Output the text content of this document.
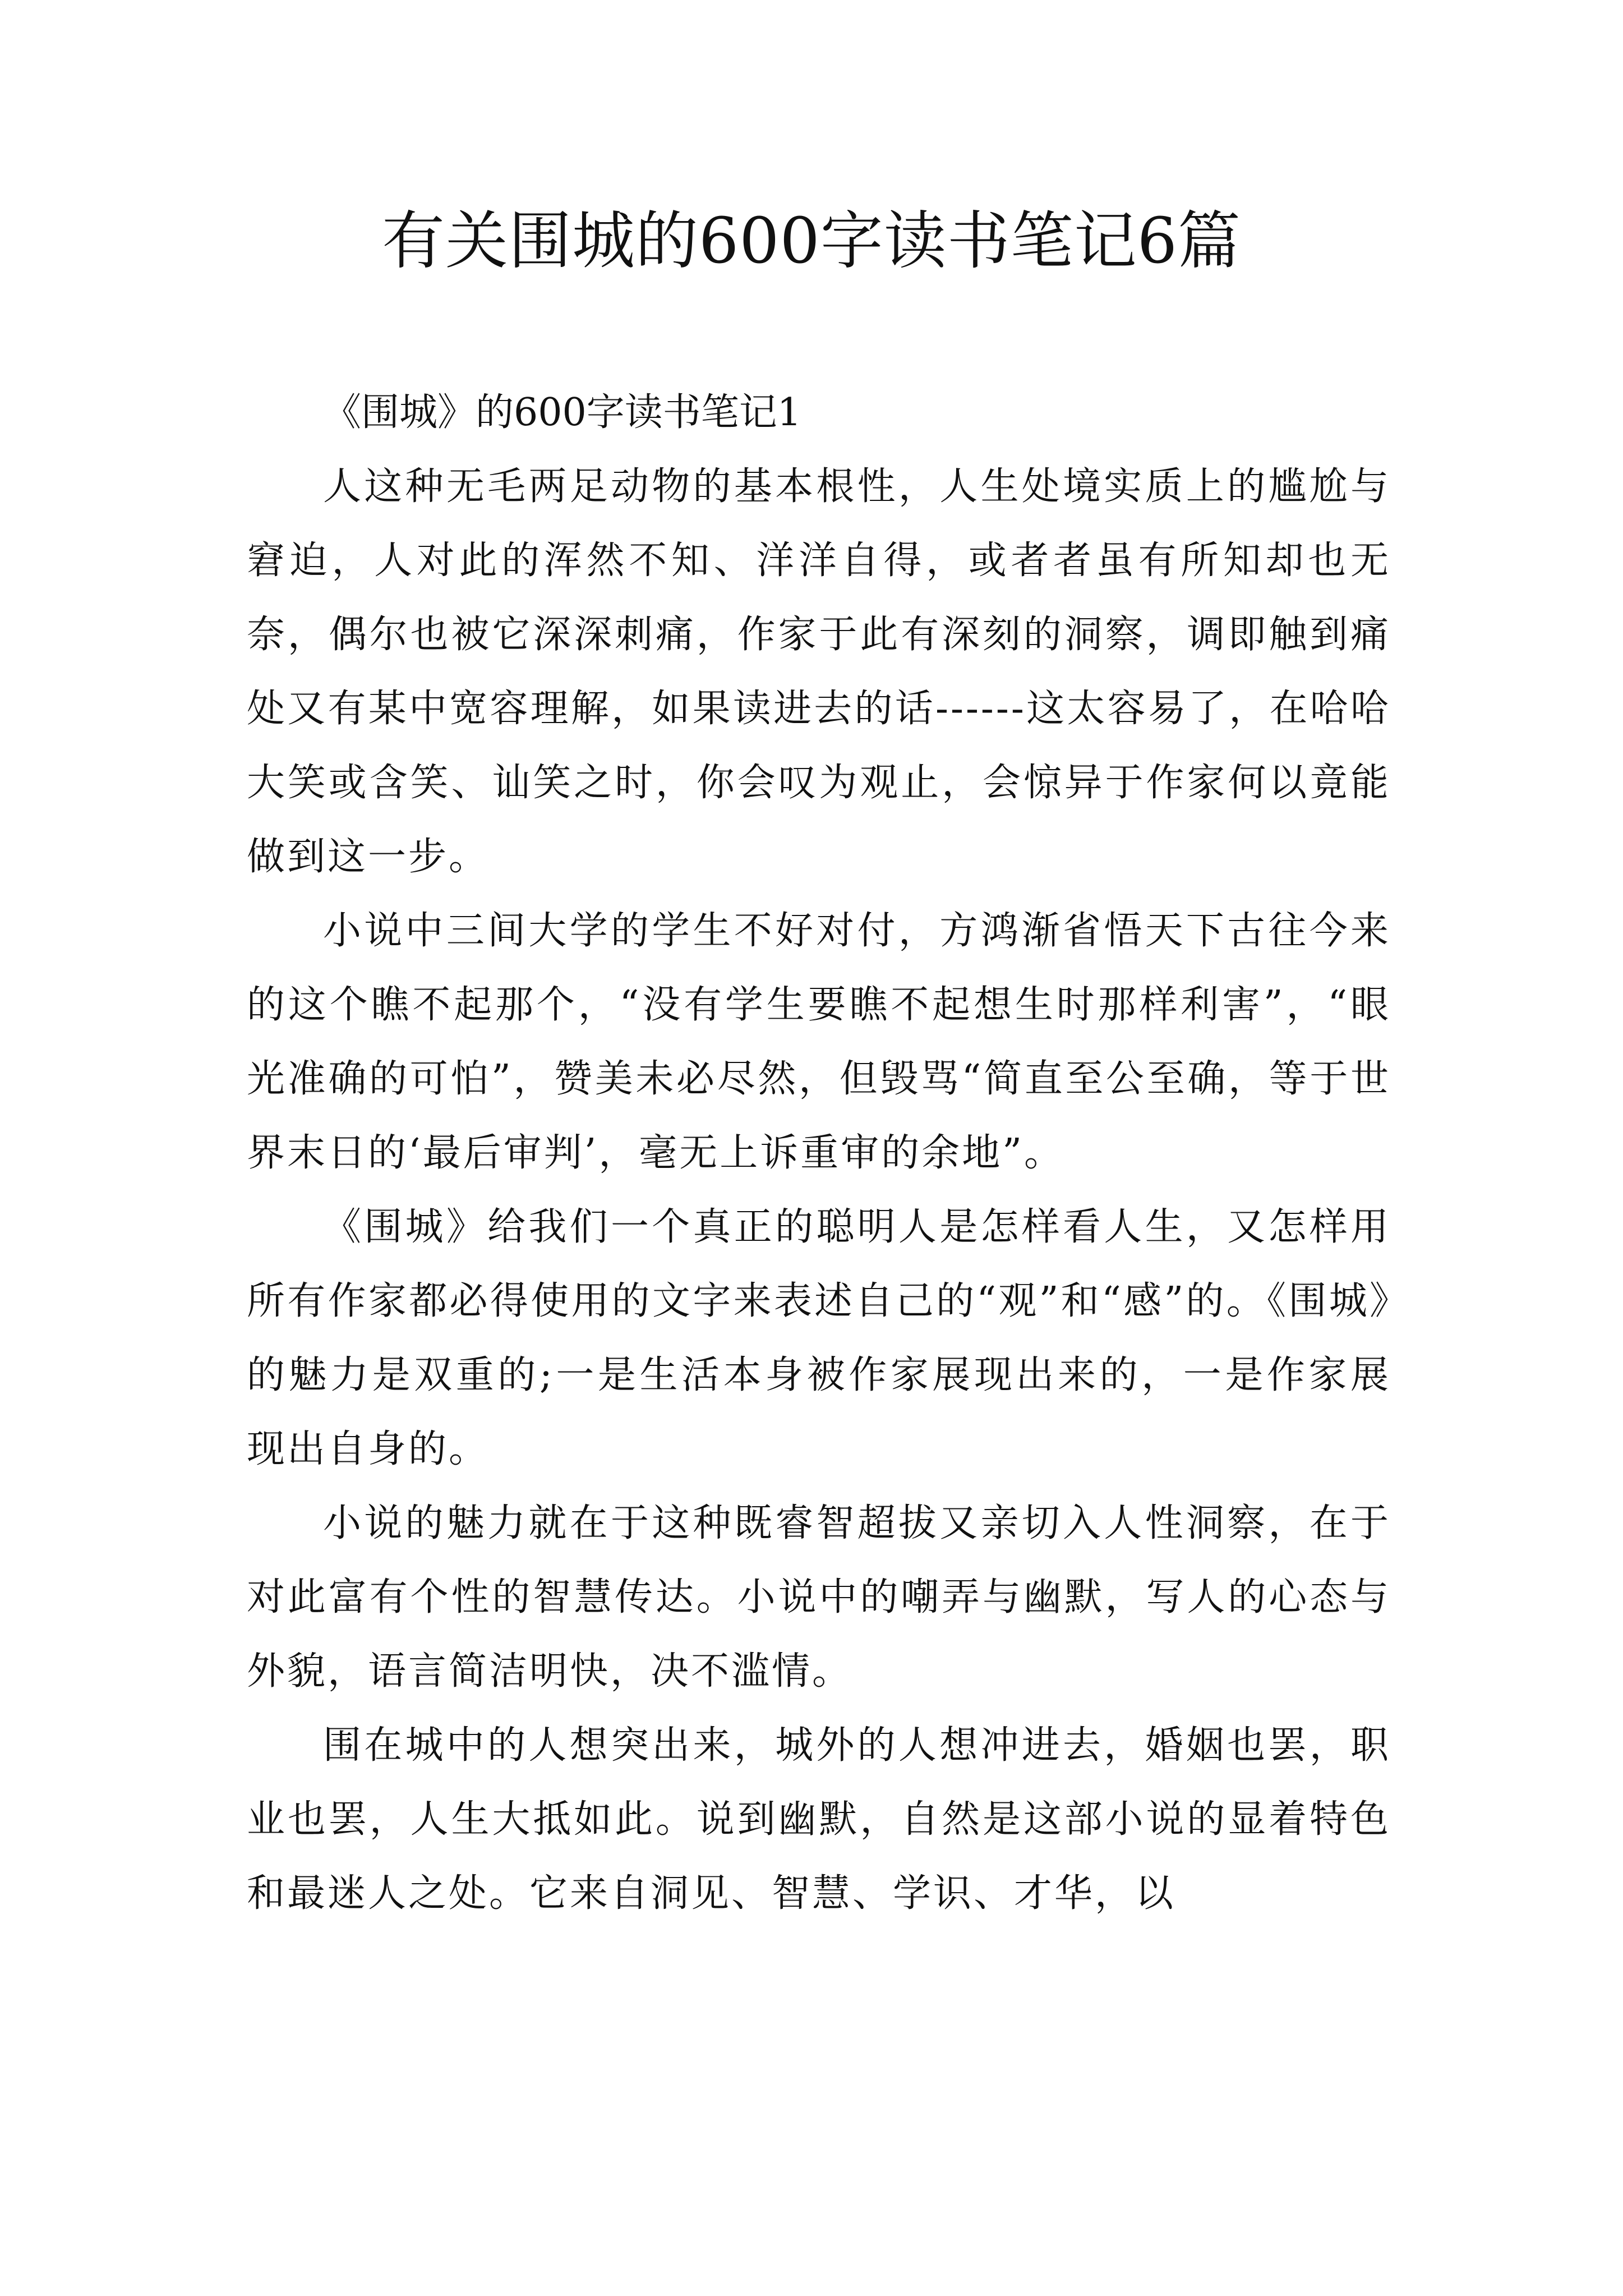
有关围城的600字读书笔记6篇

《围城》的600字读书笔记1

人这种无毛两足动物的基本根性，人生处境实质上的尴尬与窘迫，人对此的浑然不知、洋洋自得，或者者虽有所知却也无奈，偶尔也被它深深刺痛，作家于此有深刻的洞察，调即触到痛处又有某中宽容理解，如果读进去的话------这太容易了，在哈哈大笑或含笑、讪笑之时，你会叹为观止，会惊异于作家何以竟能做到这一步。

小说中三间大学的学生不好对付，方鸿渐省悟天下古往今来的这个瞧不起那个，“没有学生要瞧不起想生时那样利害”，“眼光准确的可怕”，赞美未必尽然，但毁骂“简直至公至确，等于世界末日的‘最后审判’，毫无上诉重审的余地”。

《围城》给我们一个真正的聪明人是怎样看人生，又怎样用所有作家都必得使用的文字来表述自己的“观”和“感”的。《围城》的魅力是双重的;一是生活本身被作家展现出来的，一是作家展现出自身的。

小说的魅力就在于这种既睿智超拔又亲切入人性洞察，在于对此富有个性的智慧传达。小说中的嘲弄与幽默，写人的心态与外貌，语言简洁明快，决不滥情。

围在城中的人想突出来，城外的人想冲进去，婚姻也罢，职业也罢，人生大抵如此。说到幽默，自然是这部小说的显着特色和最迷人之处。它来自洞见、智慧、学识、才华，以
